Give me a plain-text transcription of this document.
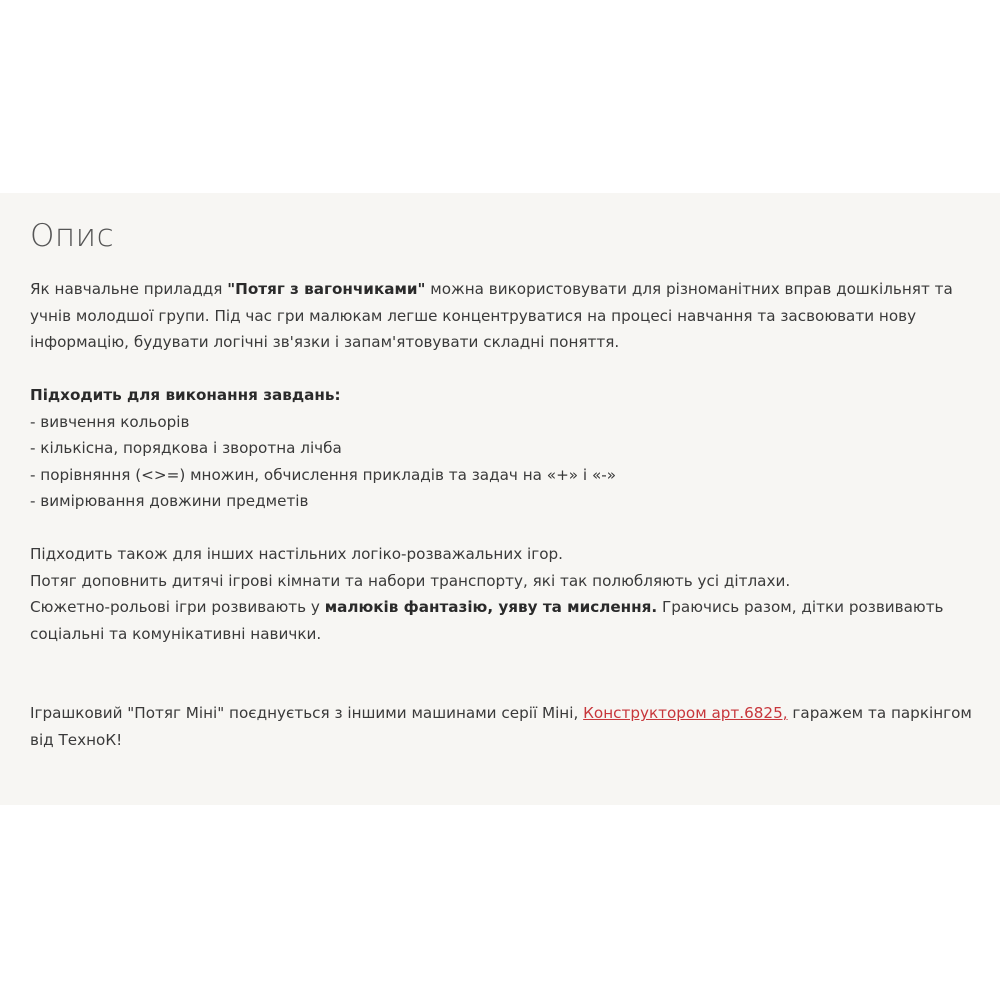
Опис

Як навчальне приладдя "Потяг з вагончиками" можна використовувати для різноманітних вправ дошкільнят та учнів молодшої групи. Під час гри малюкам легше концентруватися на процесі навчання та засвоювати нову інформацію, будувати логічні зв'язки і запам'ятовувати складні поняття.

Підходить для виконання завдань:

- вивчення кольорів

- кількісна, порядкова і зворотна лічба

- порівняння (<>=) множин, обчислення прикладів та задач на «+» і «-»

- вимірювання довжини предметів

Підходить також для інших настільних логіко-розважальних ігор.

Потяг доповнить дитячі ігрові кімнати та набори транспорту, які так полюбляють усі дітлахи.

Сюжетно-рольові ігри розвивають у малюків фантазію, уяву та мислення. Граючись разом, дітки розвивають соціальні та комунікативні навички.

Іграшковий "Потяг Міні" поєднується з іншими машинами серії Міні, Конструктором арт.6825, гаражем та паркінгом від ТехноК!
